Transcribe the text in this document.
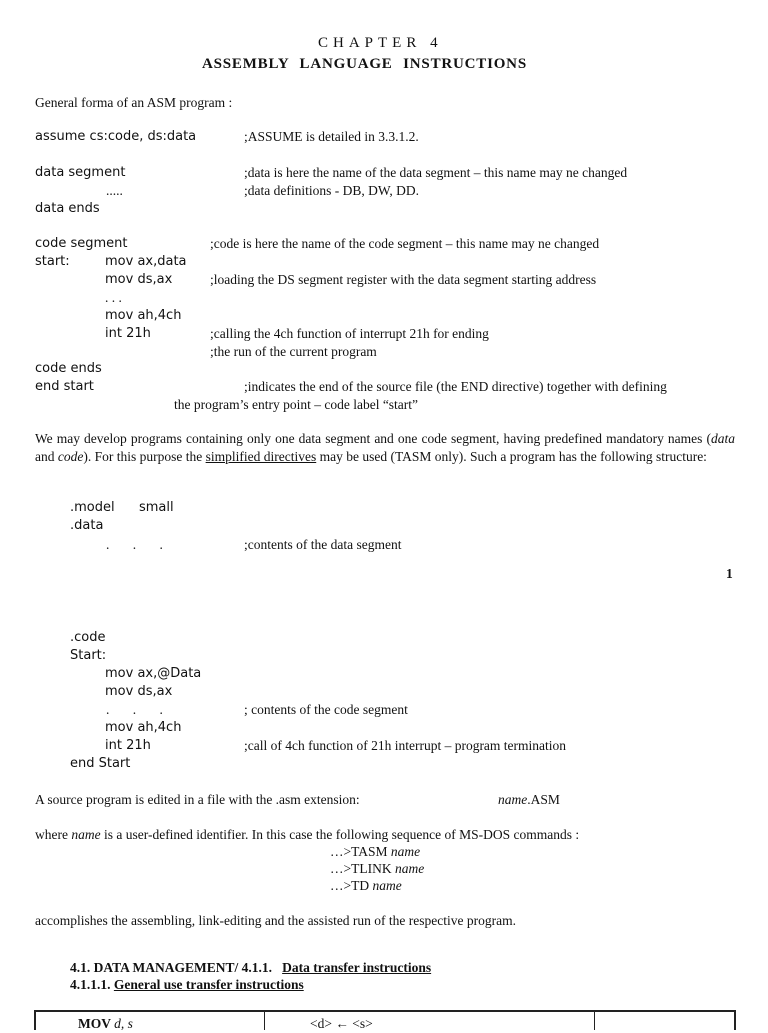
CHAPTER 4
ASSEMBLY LANGUAGE INSTRUCTIONS
General forma of an ASM program :
assume cs:code, ds:data	;ASSUME is detailed in 3.3.1.2.
data segment	;data is here the name of the data segment – this name may ne changed
.....	;data definitions - DB, DW, DD.
data ends
code segment	;code is here the name of the code segment – this name may ne changed
start:	mov ax,data
mov ds,ax	;loading the DS segment register with the data segment starting address
. . .
mov ah,4ch
int 21h	;calling the 4ch function of interrupt 21h for ending
;the run of the current program
code ends
end start	;indicates the end of the source file (the END directive) together with defining
the program’s entry point – code label “start”
We may develop programs containing only one data segment and one code segment, having predefined mandatory names (data and code). For this purpose the simplified directives may be used (TASM only). Such a program has the following structure:
.model small
.data
. . .	;contents of the data segment
1
.code
Start:
mov ax,@Data
mov ds,ax
. . .	; contents of the code segment
mov ah,4ch
int 21h	;call of 4ch function of 21h interrupt – program termination
end Start
A source program is edited in a file with the .asm extension:	name.ASM
where name is a user-defined identifier. In this case the following sequence of MS-DOS commands :
…>TASM name
…>TLINK name
…>TD name
accomplishes the assembling, link-editing and the assisted run of the respective program.
4.1. DATA MANAGEMENT/ 4.1.1. Data transfer instructions
4.1.1.1. General use transfer instructions
MOV d, s	<d> ← <s>
